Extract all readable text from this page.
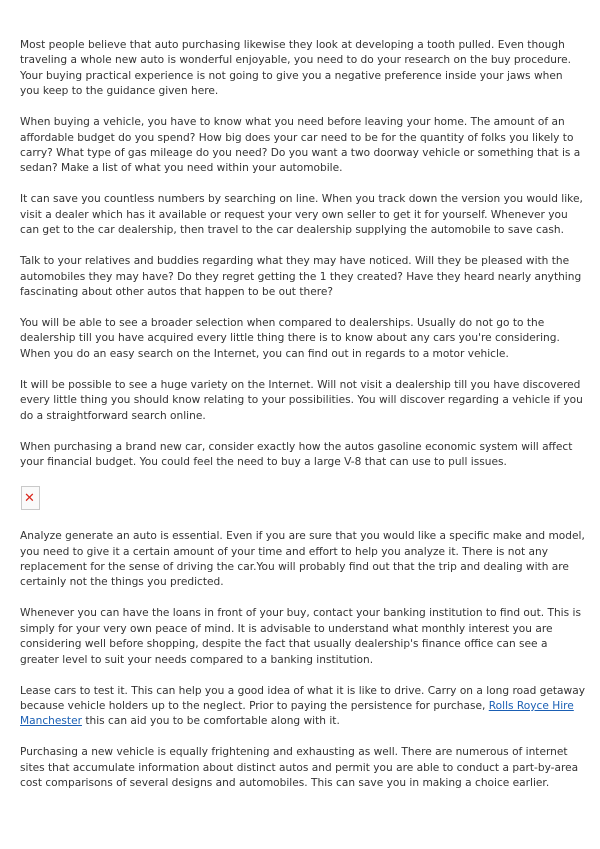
Most people believe that auto purchasing likewise they look at developing a tooth pulled. Even though traveling a whole new auto is wonderful enjoyable, you need to do your research on the buy procedure. Your buying practical experience is not going to give you a negative preference inside your jaws when you keep to the guidance given here.

When buying a vehicle, you have to know what you need before leaving your home. The amount of an affordable budget do you spend? How big does your car need to be for the quantity of folks you likely to carry? What type of gas mileage do you need? Do you want a two doorway vehicle or something that is a sedan? Make a list of what you need within your automobile.

It can save you countless numbers by searching on line. When you track down the version you would like, visit a dealer which has it available or request your very own seller to get it for yourself. Whenever you can get to the car dealership, then travel to the car dealership supplying the automobile to save cash.

Talk to your relatives and buddies regarding what they may have noticed. Will they be pleased with the automobiles they may have? Do they regret getting the 1 they created? Have they heard nearly anything fascinating about other autos that happen to be out there?

You will be able to see a broader selection when compared to dealerships. Usually do not go to the dealership till you have acquired every little thing there is to know about any cars you're considering. When you do an easy search on the Internet, you can find out in regards to a motor vehicle.

It will be possible to see a huge variety on the Internet. Will not visit a dealership till you have discovered every little thing you should know relating to your possibilities. You will discover regarding a vehicle if you do a straightforward search online.

When purchasing a brand new car, consider exactly how the autos gasoline economic system will affect your financial budget. You could feel the need to buy a large V-8 that can use to pull issues.

✕

Analyze generate an auto is essential. Even if you are sure that you would like a specific make and model, you need to give it a certain amount of your time and effort to help you analyze it. There is not any replacement for the sense of driving the car.You will probably find out that the trip and dealing with are certainly not the things you predicted.

Whenever you can have the loans in front of your buy, contact your banking institution to find out. This is simply for your very own peace of mind. It is advisable to understand what monthly interest you are considering well before shopping, despite the fact that usually dealership's finance office can see a greater level to suit your needs compared to a banking institution.

Lease cars to test it. This can help you a good idea of what it is like to drive. Carry on a long road getaway because vehicle holders up to the neglect. Prior to paying the persistence for purchase, Rolls Royce Hire Manchester this can aid you to be comfortable along with it.

Purchasing a new vehicle is equally frightening and exhausting as well. There are numerous of internet sites that accumulate information about distinct autos and permit you are able to conduct a part-by-area cost comparisons of several designs and automobiles. This can save you in making a choice earlier.
